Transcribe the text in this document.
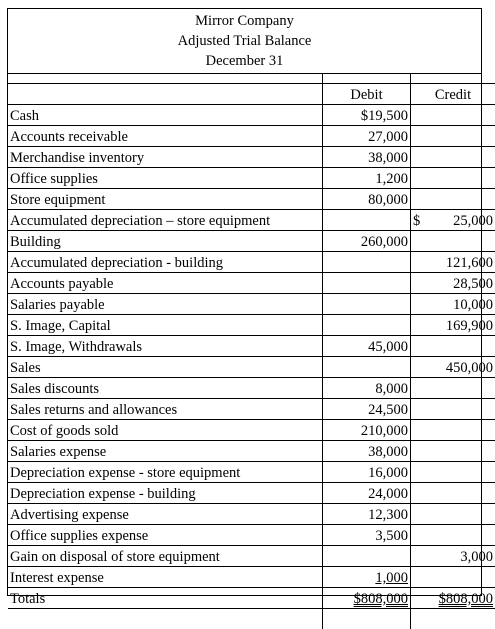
Mirror Company
Adjusted Trial Balance
December 31

	Debit	Credit
Cash	$19,500	
Accounts receivable	27,000	
Merchandise inventory	38,000	
Office supplies	1,200	
Store equipment	80,000	
Accumulated depreciation – store equipment		$ 25,000

Building	260,000	
Accumulated depreciation - building		121,600
Accounts payable		28,500
Salaries payable		10,000
S. Image, Capital		169,900
S. Image, Withdrawals	45,000	
Sales		450,000
Sales discounts	8,000	
Sales returns and allowances	24,500	
Cost of goods sold	210,000	
Salaries expense	38,000	
Depreciation expense - store equipment	16,000	
Depreciation expense - building	24,000	
Advertising expense	12,300	
Office supplies expense	3,500	
Gain on disposal of store equipment		3,000
Interest expense	1,000	
Totals	$808,000	$808,000
